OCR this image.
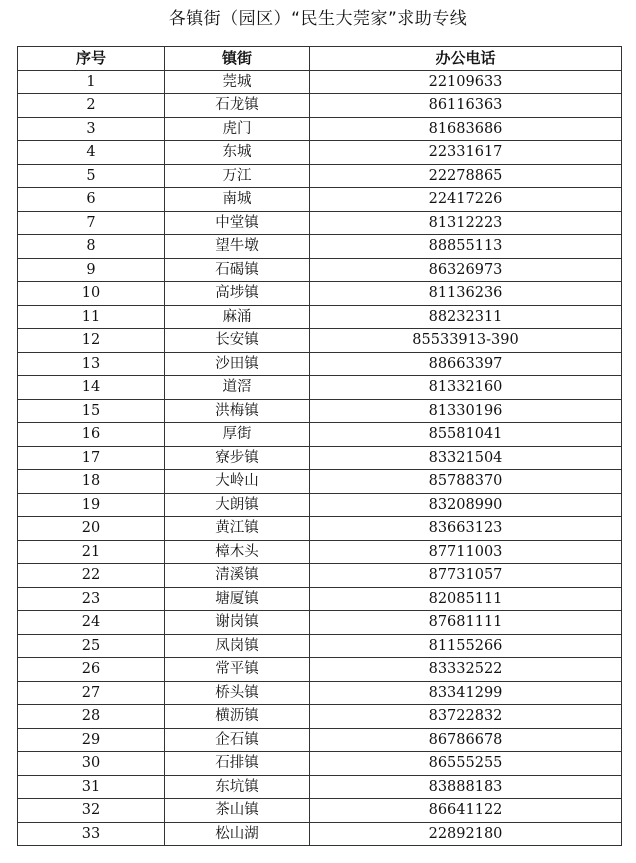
各镇街（园区）“民生大莞家”求助专线
序号	镇街	办公电话
1	莞城	22109633
2	石龙镇	86116363
3	虎门	81683686
4	东城	22331617
5	万江	22278865
6	南城	22417226
7	中堂镇	81312223
8	望牛墩	88855113
9	石碣镇	86326973
10	高埗镇	81136236
11	麻涌	88232311
12	长安镇	85533913-390
13	沙田镇	88663397
14	道滘	81332160
15	洪梅镇	81330196
16	厚街	85581041
17	寮步镇	83321504
18	大岭山	85788370
19	大朗镇	83208990
20	黄江镇	83663123
21	樟木头	87711003
22	清溪镇	87731057
23	塘厦镇	82085111
24	谢岗镇	87681111
25	凤岗镇	81155266
26	常平镇	83332522
27	桥头镇	83341299
28	横沥镇	83722832
29	企石镇	86786678
30	石排镇	86555255
31	东坑镇	83888183
32	茶山镇	86641122
33	松山湖	22892180
